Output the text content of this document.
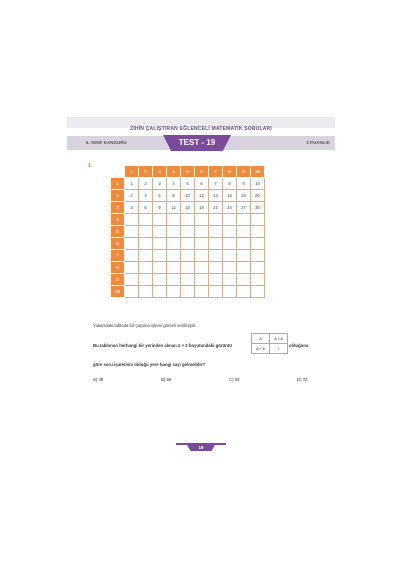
ZİHİN ÇALIŞTIRAN EĞLENCELİ MATEMATİK SORULARI
6. SINIF KANGURU	TEST - 19	3 PUANLIK
1.
	1	2	3	4	5	6	7	8	9	10
1	1	2	3	4	5	6	7	8	9	10
2	2	4	6	8	10	12	14	16	18	20
3	3	6	9	12	15	18	21	24	27	30
4										
5										
6										
7										
8										
9										
10										
Yukarıdaki tabloda bir çarpma işlemi görseli verilmiştir.
Bu tablonun herhangi bir yerinden alınan 2 × 2 boyutundaki görüntü
A	A + 8
A + 6	?
olduğuna
göre soru işaretinin olduğu yere hangi sayı gelmelidir?
A) 48	B) 56	C) 63	D) 72
19
